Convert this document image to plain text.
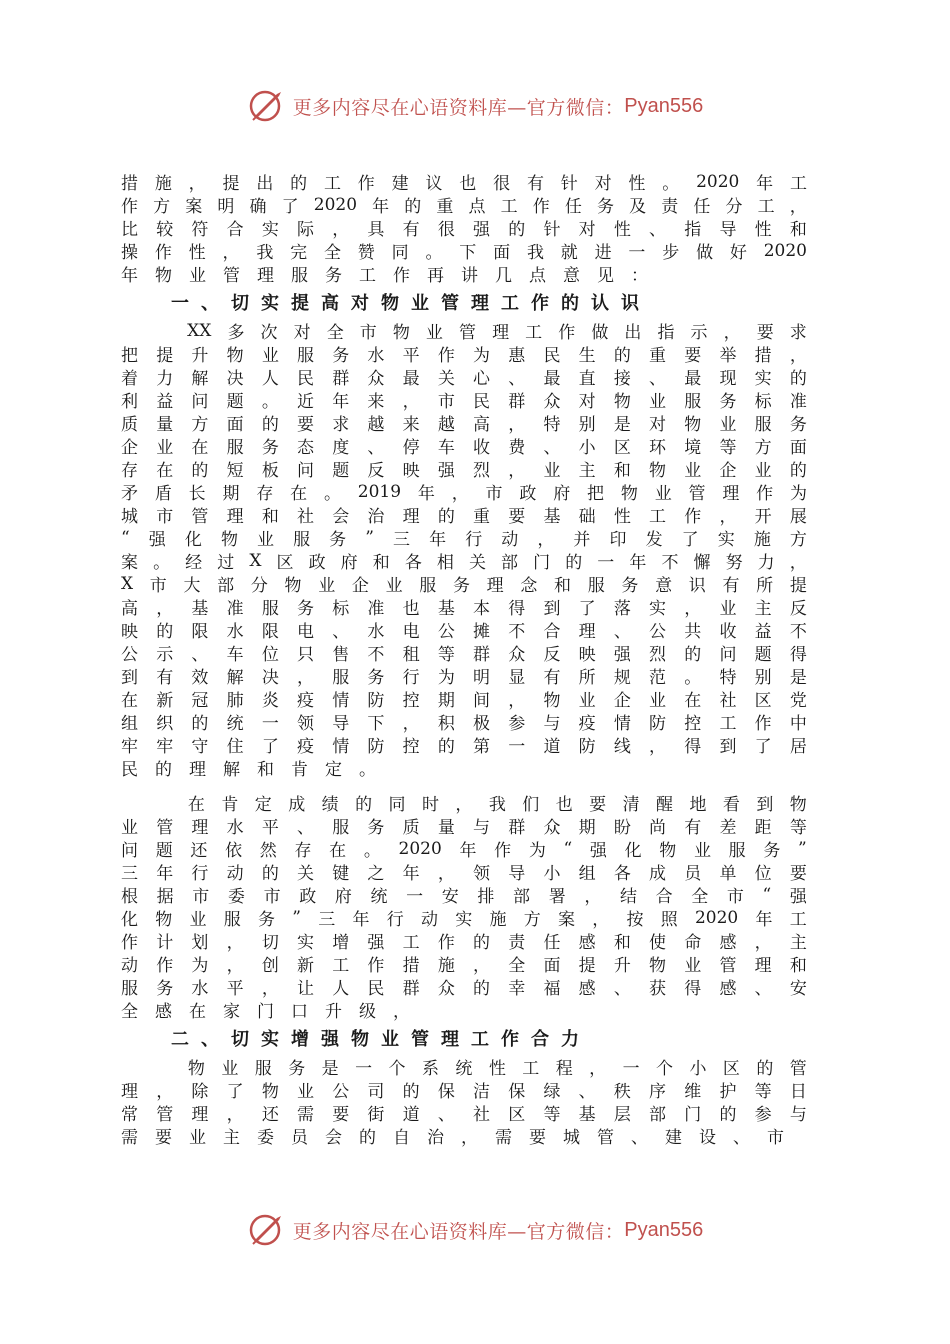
更多内容尽在心语资料库—官方微信： Pyan556
措 施 ， 提 出 的 工 作 建 议 也 很 有 针 对 性 。 2020 年 工
作 方 案 明 确 了 2020 年 的 重 点 工 作 任 务 及 责 任 分 工 ，
比 较 符 合 实 际 ， 具 有 很 强 的 针 对 性 、 指 导 性 和
操 作 性 ， 我 完 全 赞 同 。 下 面 我 就 进 一 步 做 好 2020
年 物 业 管 理 服 务 工 作 再 讲 几 点 意 见 ：
一、切实提高对物业管理工作的认识
XX 多 次 对 全 市 物 业 管 理 工 作 做 出 指 示 ， 要 求
把 提 升 物 业 服 务 水 平 作 为 惠 民 生 的 重 要 举 措 ，
着 力 解 决 人 民 群 众 最 关 心 、 最 直 接 、 最 现 实 的
利 益 问 题 。 近 年 来 ， 市 民 群 众 对 物 业 服 务 标 准
质 量 方 面 的 要 求 越 来 越 高 ， 特 别 是 对 物 业 服 务
企 业 在 服 务 态 度 、 停 车 收 费 、 小 区 环 境 等 方 面
存 在 的 短 板 问 题 反 映 强 烈 ， 业 主 和 物 业 企 业 的
矛 盾 长 期 存 在 。 2019 年 ， 市 政 府 把 物 业 管 理 作 为
城 市 管 理 和 社 会 治 理 的 重 要 基 础 性 工 作 ， 开 展
“ 强 化 物 业 服 务 ” 三 年 行 动 ， 并 印 发 了 实 施 方
案 。 经 过 X 区 政 府 和 各 相 关 部 门 的 一 年 不 懈 努 力 ，
X 市 大 部 分 物 业 企 业 服 务 理 念 和 服 务 意 识 有 所 提
高 ， 基 准 服 务 标 准 也 基 本 得 到 了 落 实 ， 业 主 反
映 的 限 水 限 电 、 水 电 公 摊 不 合 理 、 公 共 收 益 不
公 示 、 车 位 只 售 不 租 等 群 众 反 映 强 烈 的 问 题 得
到 有 效 解 决 ， 服 务 行 为 明 显 有 所 规 范 。 特 别 是
在 新 冠 肺 炎 疫 情 防 控 期 间 ， 物 业 企 业 在 社 区 党
组 织 的 统 一 领 导 下 ， 积 极 参 与 疫 情 防 控 工 作 中
牢 牢 守 住 了 疫 情 防 控 的 第 一 道 防 线 ， 得 到 了 居
民 的 理 解 和 肯 定 。
在 肯 定 成 绩 的 同 时 ， 我 们 也 要 清 醒 地 看 到 物
业 管 理 水 平 、 服 务 质 量 与 群 众 期 盼 尚 有 差 距 等
问 题 还 依 然 存 在 。 2020 年 作 为 “ 强 化 物 业 服 务 ”
三 年 行 动 的 关 键 之 年 ， 领 导 小 组 各 成 员 单 位 要
根 据 市 委 市 政 府 统 一 安 排 部 署 ， 结 合 全 市 “ 强
化 物 业 服 务 ” 三 年 行 动 实 施 方 案 ， 按 照 2020 年 工
作 计 划 ， 切 实 增 强 工 作 的 责 任 感 和 使 命 感 ， 主
动 作 为 ， 创 新 工 作 措 施 ， 全 面 提 升 物 业 管 理 和
服 务 水 平 ， 让 人 民 群 众 的 幸 福 感 、 获 得 感 、 安
全 感 在 家 门 口 升 级 ，
二、切实增强物业管理工作合力
物 业 服 务 是 一 个 系 统 性 工 程 ， 一 个 小 区 的 管
理 ， 除 了 物 业 公 司 的 保 洁 保 绿 、 秩 序 维 护 等 日
常 管 理 ， 还 需 要 街 道 、 社 区 等 基 层 部 门 的 参 与
需 要 业 主 委 员 会 的 自 治 ， 需 要 城 管 、 建 设 、 市
更多内容尽在心语资料库—官方微信： Pyan556
